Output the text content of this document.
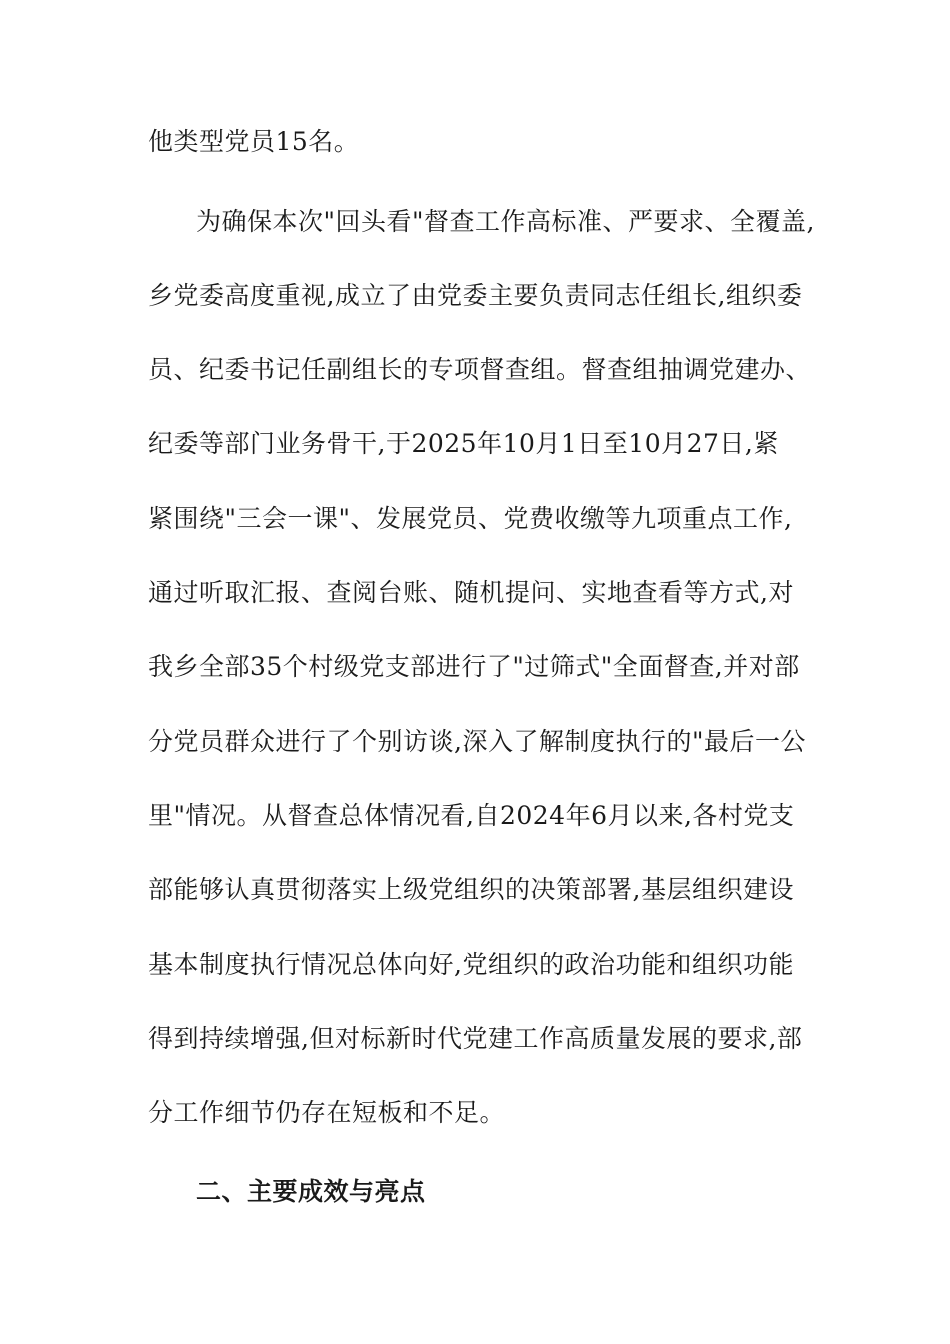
他类型党员15名。
为确保本次"回头看"督查工作高标准、严要求、全覆盖,
乡党委高度重视,成立了由党委主要负责同志任组长,组织委
员、纪委书记任副组长的专项督查组。督查组抽调党建办、
纪委等部门业务骨干,于2025年10月1日至10月27日,紧
紧围绕"三会一课"、发展党员、党费收缴等九项重点工作,
通过听取汇报、查阅台账、随机提问、实地查看等方式,对
我乡全部35个村级党支部进行了"过筛式"全面督查,并对部
分党员群众进行了个别访谈,深入了解制度执行的"最后一公
里"情况。从督查总体情况看,自2024年6月以来,各村党支
部能够认真贯彻落实上级党组织的决策部署,基层组织建设
基本制度执行情况总体向好,党组织的政治功能和组织功能
得到持续增强,但对标新时代党建工作高质量发展的要求,部
分工作细节仍存在短板和不足。
二、主要成效与亮点
